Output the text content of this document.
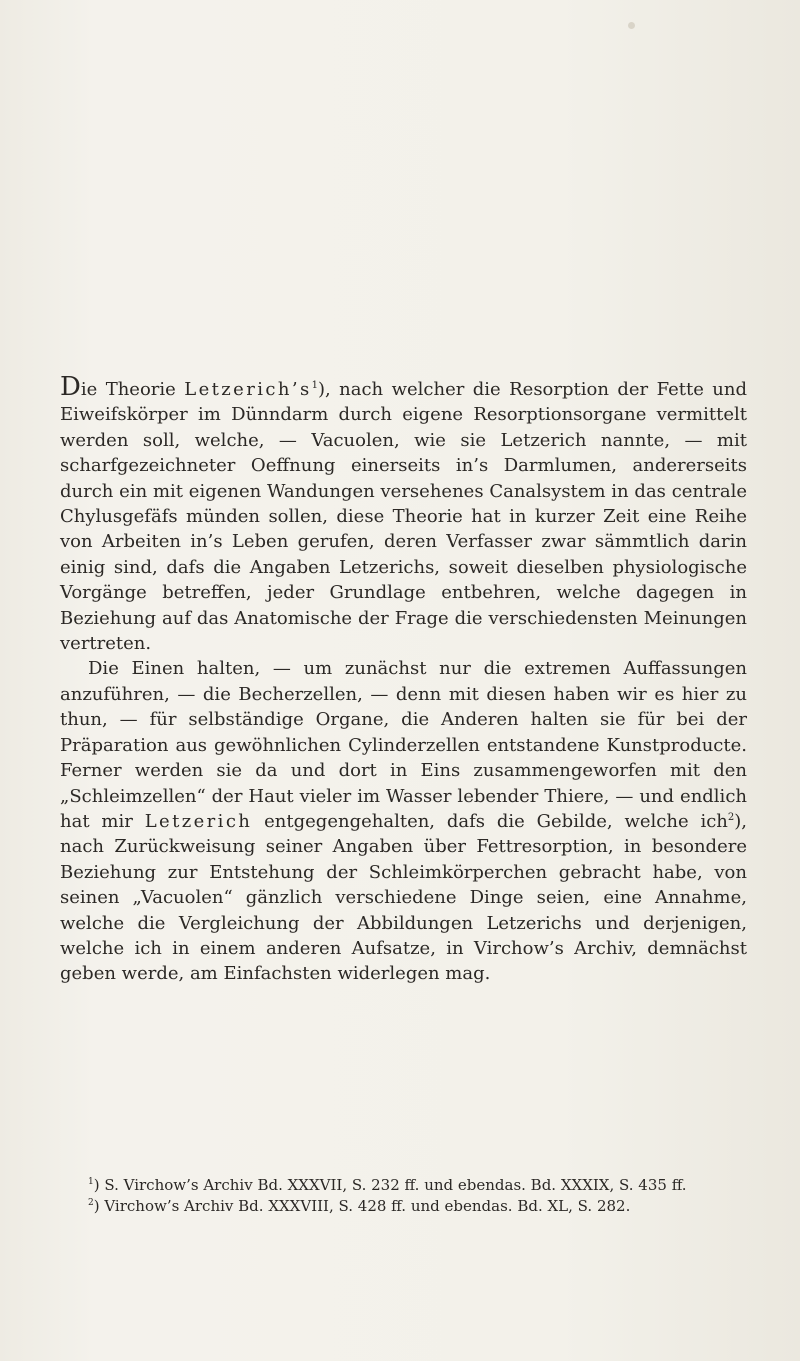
Die Theorie $Letzerich’s^1$), nach welcher die Resorption der Fette und Eiweifskörper im Dünndarm durch eigene Resorptionsorgane vermittelt werden soll, welche, — Vacuolen, wie sie Letzerich nannte, — mit scharfgezeichneter Oeffnung einerseits in’s Darmlumen, andererseits durch ein mit eigenen Wandungen versehenes Canalsystem in das centrale Chylusgefäfs münden sollen, diese Theorie hat in kurzer Zeit eine Reihe von Arbeiten in’s Leben gerufen, deren Verfasser zwar sämmtlich darin einig sind, dafs die Angaben Letzerichs, soweit dieselben physiologische Vorgänge betreffen, jeder Grundlage entbehren, welche dagegen in Beziehung auf das Anatomische der Frage die verschiedensten Meinungen vertreten.

Die Einen halten, — um zunächst nur die extremen Auffassungen anzuführen, — die Becherzellen, — denn mit diesen haben wir es hier zu thun, — für selbständige Organe, die Anderen halten sie für bei der Präparation aus gewöhnlichen Cylinderzellen entstandene Kunstproducte. Ferner werden sie da und dort in Eins zusammengeworfen mit den „Schleimzellen“ der Haut vieler im Wasser lebender Thiere, — und endlich hat mir Letzerich entgegengehalten, dafs die Gebilde, welche ich$^2$), nach Zurückweisung seiner Angaben über Fettresorption, in besondere Beziehung zur Entstehung der Schleimkörperchen gebracht habe, von seinen „Vacuolen“ gänzlich verschiedene Dinge seien, eine Annahme, welche die Vergleichung der Abbildungen Letzerichs und derjenigen, welche ich in einem anderen Aufsatze, in Virchow’s Archiv, demnächst geben werde, am Einfachsten widerlegen mag.

$^1$) S. Virchow’s Archiv Bd. XXXVII, S. 232 ff. und ebendas. Bd. XXXIX, S. 435 ff.

$^2$) Virchow’s Archiv Bd. XXXVIII, S. 428 ff. und ebendas. Bd. XL, S. 282.
